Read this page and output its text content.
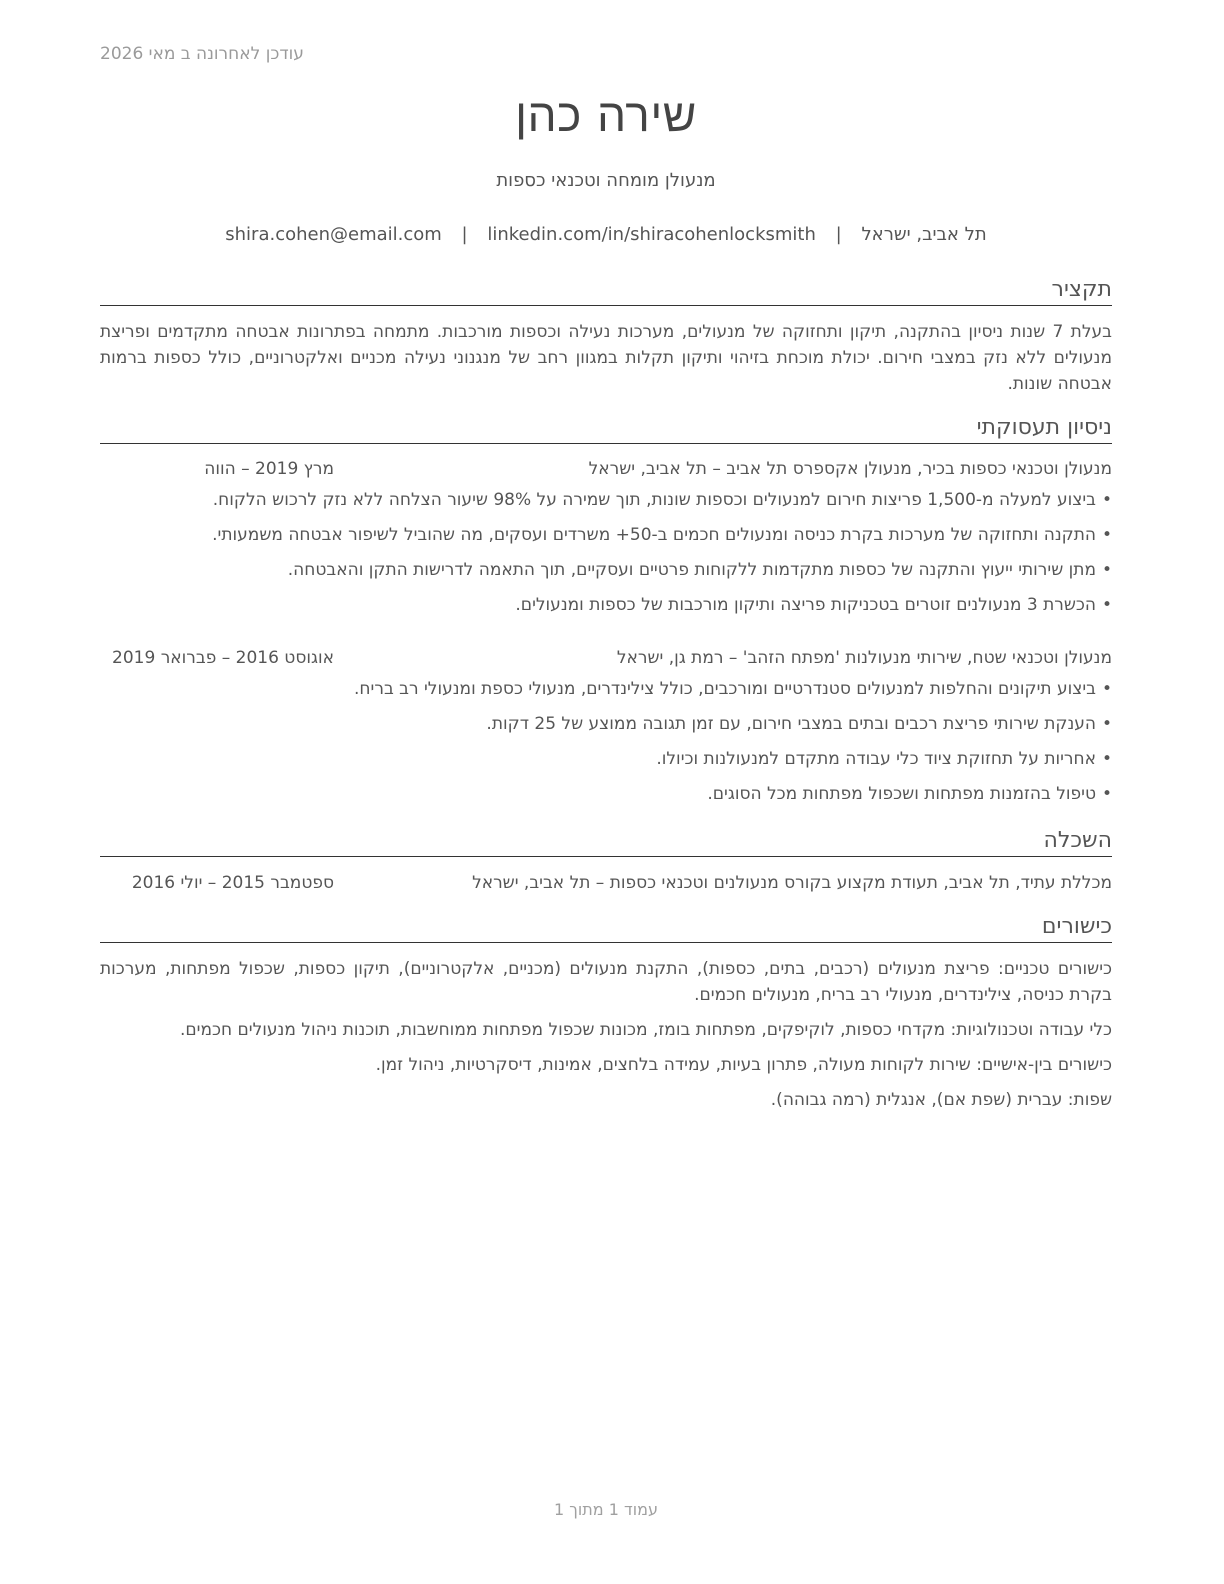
עודכן לאחרונה ב מאי 2026
שירה כהן
מנעולן מומחה וטכנאי כספות
תל אביב, ישראל | shira.cohen@email.com | linkedin.com/in/shiracohenlocksmith
תקציר
בעלת 7 שנות ניסיון בהתקנה, תיקון ותחזוקה של מנעולים, מערכות נעילה וכספות מורכבות. מתמחה בפתרונות אבטחה מתקדמים ופריצת מנעולים ללא נזק במצבי חירום. יכולת מוכחת בזיהוי ותיקון תקלות במגוון רחב של מנגנוני נעילה מכניים ואלקטרוניים, כולל כספות ברמות אבטחה שונות.
ניסיון תעסוקתי
מנעולן וטכנאי כספות בכיר, מנעולן אקספרס תל אביב – תל אביב, ישראל
מרץ 2019 – הווה
• ביצוע למעלה מ-1,500 פריצות חירום למנעולים וכספות שונות, תוך שמירה על 98% שיעור הצלחה ללא נזק לרכוש הלקוח.
• התקנה ותחזוקה של מערכות בקרת כניסה ומנעולים חכמים ב-50+ משרדים ועסקים, מה שהוביל לשיפור אבטחה משמעותי.
• מתן שירותי ייעוץ והתקנה של כספות מתקדמות ללקוחות פרטיים ועסקיים, תוך התאמה לדרישות התקן והאבטחה.
• הכשרת 3 מנעולנים זוטרים בטכניקות פריצה ותיקון מורכבות של כספות ומנעולים.
מנעולן וטכנאי שטח, שירותי מנעולנות 'מפתח הזהב' – רמת גן, ישראל
אוגוסט 2016 – פברואר 2019
• ביצוע תיקונים והחלפות למנעולים סטנדרטיים ומורכבים, כולל צילינדרים, מנעולי כספת ומנעולי רב בריח.
• הענקת שירותי פריצת רכבים ובתים במצבי חירום, עם זמן תגובה ממוצע של 25 דקות.
• אחריות על תחזוקת ציוד כלי עבודה מתקדם למנעולנות וכיולו.
• טיפול בהזמנות מפתחות ושכפול מפתחות מכל הסוגים.
השכלה
מכללת עתיד, תל אביב, תעודת מקצוע בקורס מנעולנים וטכנאי כספות – תל אביב, ישראל
ספטמבר 2015 – יולי 2016
כישורים
כישורים טכניים: פריצת מנעולים (רכבים, בתים, כספות), התקנת מנעולים (מכניים, אלקטרוניים), תיקון כספות, שכפול מפתחות, מערכות בקרת כניסה, צילינדרים, מנעולי רב בריח, מנעולים חכמים.
כלי עבודה וטכנולוגיות: מקדחי כספות, לוקיפקים, מפתחות בומז, מכונות שכפול מפתחות ממוחשבות, תוכנות ניהול מנעולים חכמים.
כישורים בין-אישיים: שירות לקוחות מעולה, פתרון בעיות, עמידה בלחצים, אמינות, דיסקרטיות, ניהול זמן.
שפות: עברית (שפת אם), אנגלית (רמה גבוהה).
עמוד 1 מתוך 1
